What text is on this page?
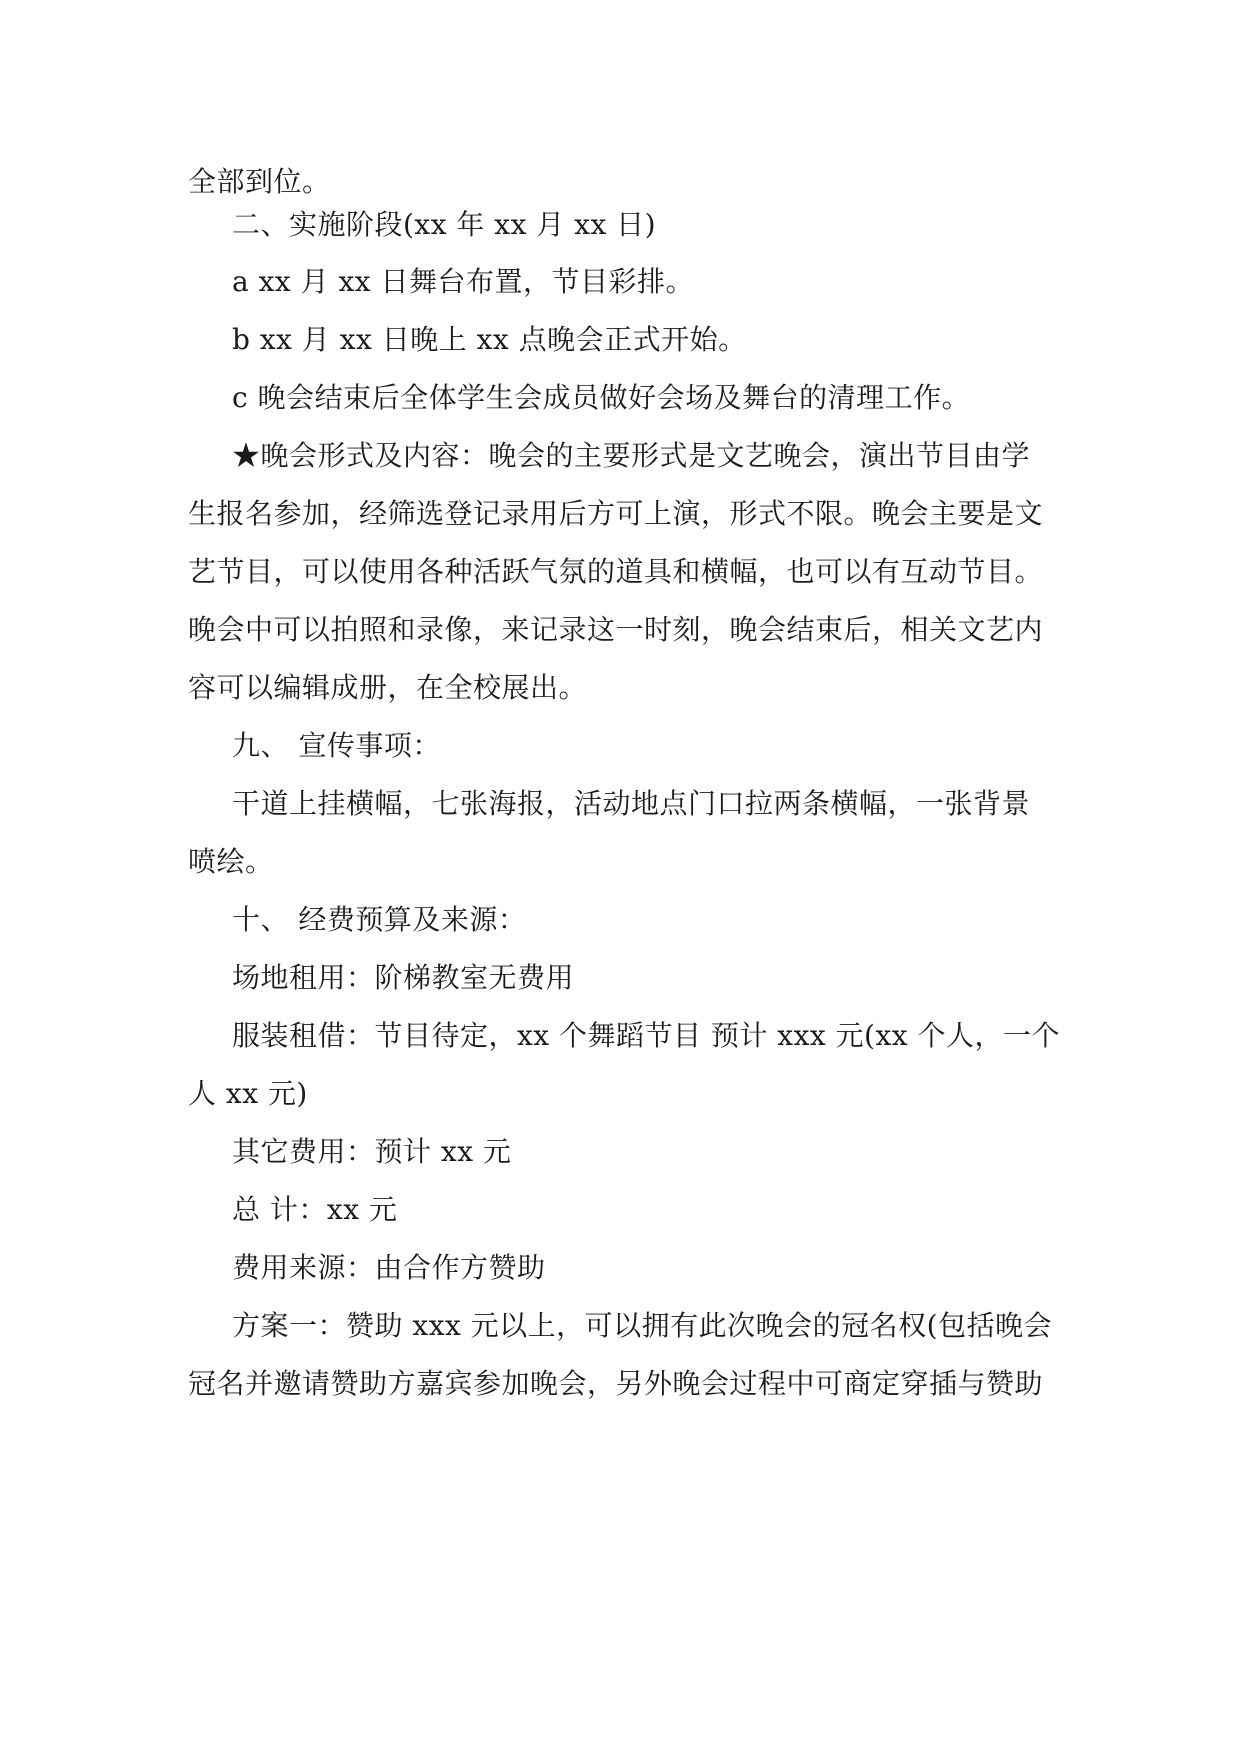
全部到位。
二、实施阶段(xx 年 xx 月 xx 日)
a xx 月 xx 日舞台布置，节目彩排。
b xx 月 xx 日晚上 xx 点晚会正式开始。
c 晚会结束后全体学生会成员做好会场及舞台的清理工作。
★晚会形式及内容：晚会的主要形式是文艺晚会，演出节目由学
生报名参加，经筛选登记录用后方可上演，形式不限。晚会主要是文
艺节目，可以使用各种活跃气氛的道具和横幅，也可以有互动节目。
晚会中可以拍照和录像，来记录这一时刻，晚会结束后，相关文艺内
容可以编辑成册，在全校展出。
九、 宣传事项：
干道上挂横幅，七张海报，活动地点门口拉两条横幅，一张背景
喷绘。
十、 经费预算及来源：
场地租用：阶梯教室无费用
服装租借：节目待定，xx 个舞蹈节目 预计 xxx 元(xx 个人，一个
人 xx 元)
其它费用：预计 xx 元
总 计：xx 元
费用来源：由合作方赞助
方案一：赞助 xxx 元以上，可以拥有此次晚会的冠名权(包括晚会
冠名并邀请赞助方嘉宾参加晚会，另外晚会过程中可商定穿插与赞助
